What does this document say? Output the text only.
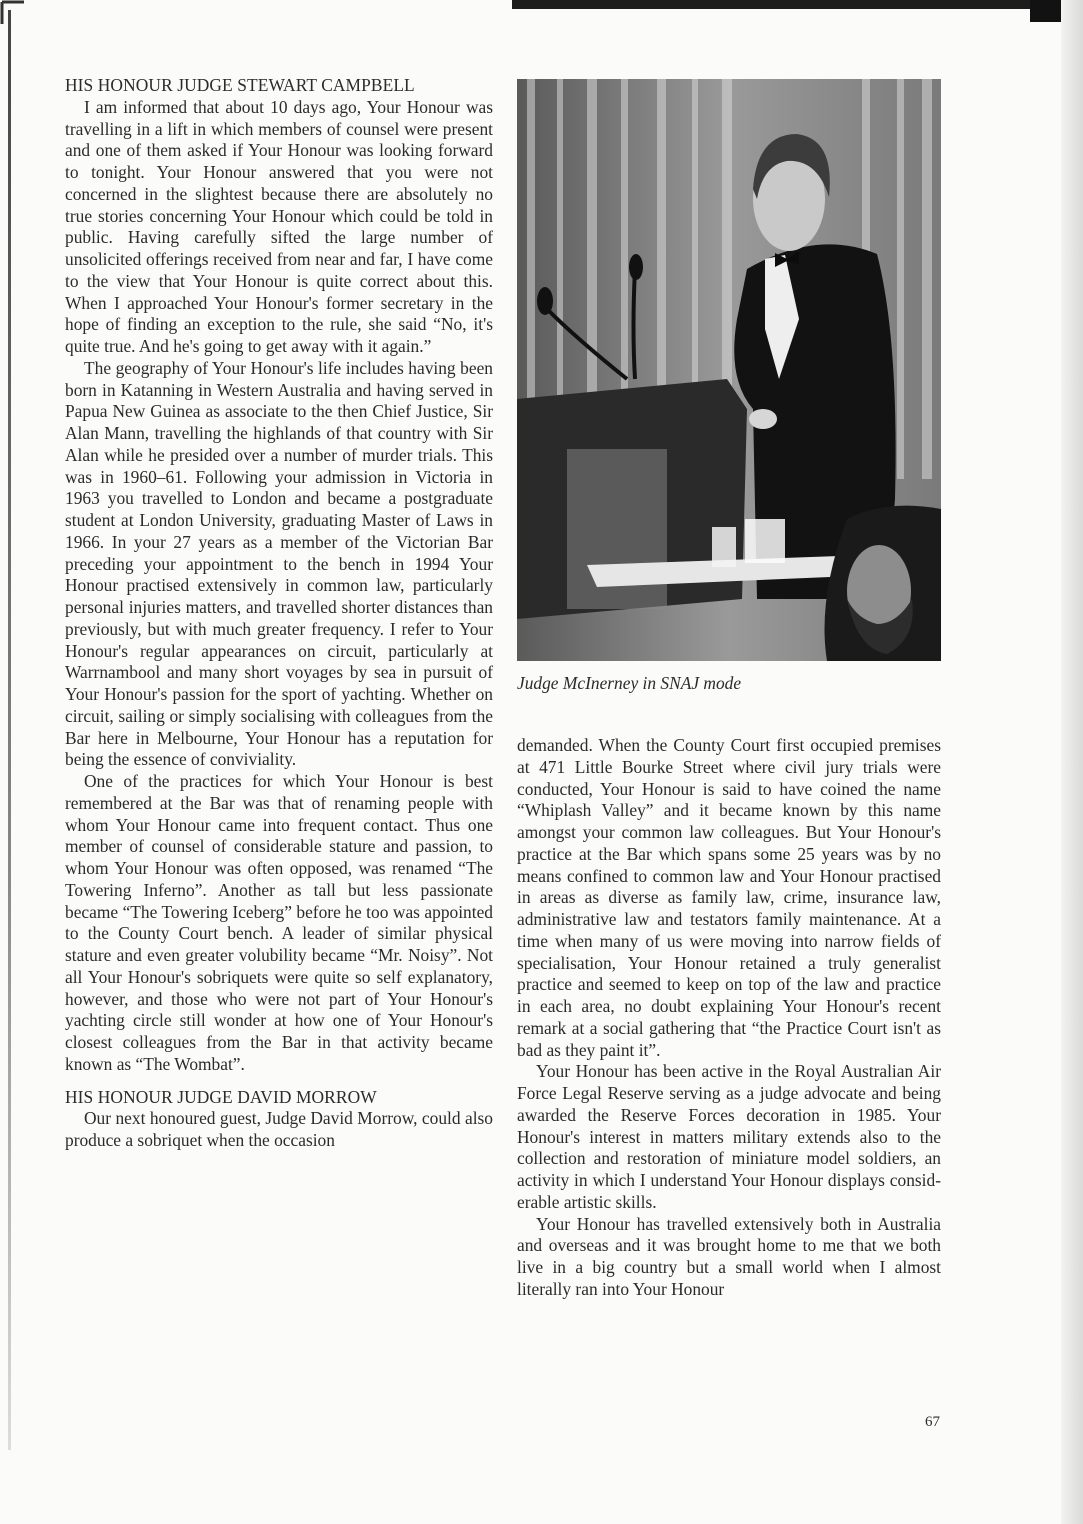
HIS HONOUR JUDGE STEWART CAMPBELL

I am informed that about 10 days ago, Your Honour was travelling in a lift in which members of counsel were present and one of them asked if Your Honour was looking forward to tonight. Your Honour answered that you were not concerned in the slightest because there are absolutely no true stories concerning Your Honour which could be told in public. Having carefully sifted the large number of unsolicited offerings received from near and far, I have come to the view that Your Honour is quite correct about this. When I approached Your Honour's former secretary in the hope of finding an exception to the rule, she said “No, it's quite true. And he's going to get away with it again.”

The geography of Your Honour's life includes having been born in Katanning in Western Australia and having served in Papua New Guinea as associate to the then Chief Justice, Sir Alan Mann, travelling the highlands of that country with Sir Alan while he presided over a number of murder trials. This was in 1960–61. Following your admission in Victoria in 1963 you travelled to London and became a postgraduate student at London University, graduating Master of Laws in 1966. In your 27 years as a member of the Victorian Bar preceding your appointment to the bench in 1994 Your Honour practised extensively in common law, particularly personal injuries matters, and travelled shorter distances than previously, but with much greater frequency. I refer to Your Honour's regular appearances on circuit, particularly at Warrnambool and many short voyages by sea in pursuit of Your Honour's passion for the sport of yachting. Whether on circuit, sailing or simply socialising with colleagues from the Bar here in Melbourne, Your Honour has a reputation for being the essence of conviviality.

One of the practices for which Your Honour is best remembered at the Bar was that of renaming people with whom Your Honour came into frequent contact. Thus one member of counsel of considerable stature and passion, to whom Your Honour was often opposed, was renamed “The Towering Inferno”. Another as tall but less passionate became “The Towering Iceberg” before he too was appointed to the County Court bench. A leader of similar physical stature and even greater volubility became “Mr. Noisy”. Not all Your Honour's sobriquets were quite so self explanatory, however, and those who were not part of Your Honour's yachting circle still wonder at how one of Your Honour's closest colleagues from the Bar in that activity became known as “The Wombat”.

HIS HONOUR JUDGE DAVID MORROW

Our next honoured guest, Judge David Morrow, could also produce a sobriquet when the occasion

Judge McInerney in SNAJ mode

demanded. When the County Court first occupied premises at 471 Little Bourke Street where civil jury trials were conducted, Your Honour is said to have coined the name “Whiplash Valley” and it became known by this name amongst your common law colleagues. But Your Honour's practice at the Bar which spans some 25 years was by no means confined to common law and Your Honour practised in areas as diverse as family law, crime, insurance law, administrative law and testators family maintenance. At a time when many of us were moving into narrow fields of specialisation, Your Honour retained a truly generalist practice and seemed to keep on top of the law and practice in each area, no doubt explaining Your Honour's recent remark at a social gathering that “the Practice Court isn't as bad as they paint it”.

Your Honour has been active in the Royal Australian Air Force Legal Reserve serving as a judge advocate and being awarded the Reserve Forces decoration in 1985. Your Honour's interest in matters military extends also to the collection and restoration of miniature model soldiers, an activity in which I understand Your Honour displays considerable artistic skills.

Your Honour has travelled extensively both in Australia and overseas and it was brought home to me that we both live in a big country but a small world when I almost literally ran into Your Honour

67
